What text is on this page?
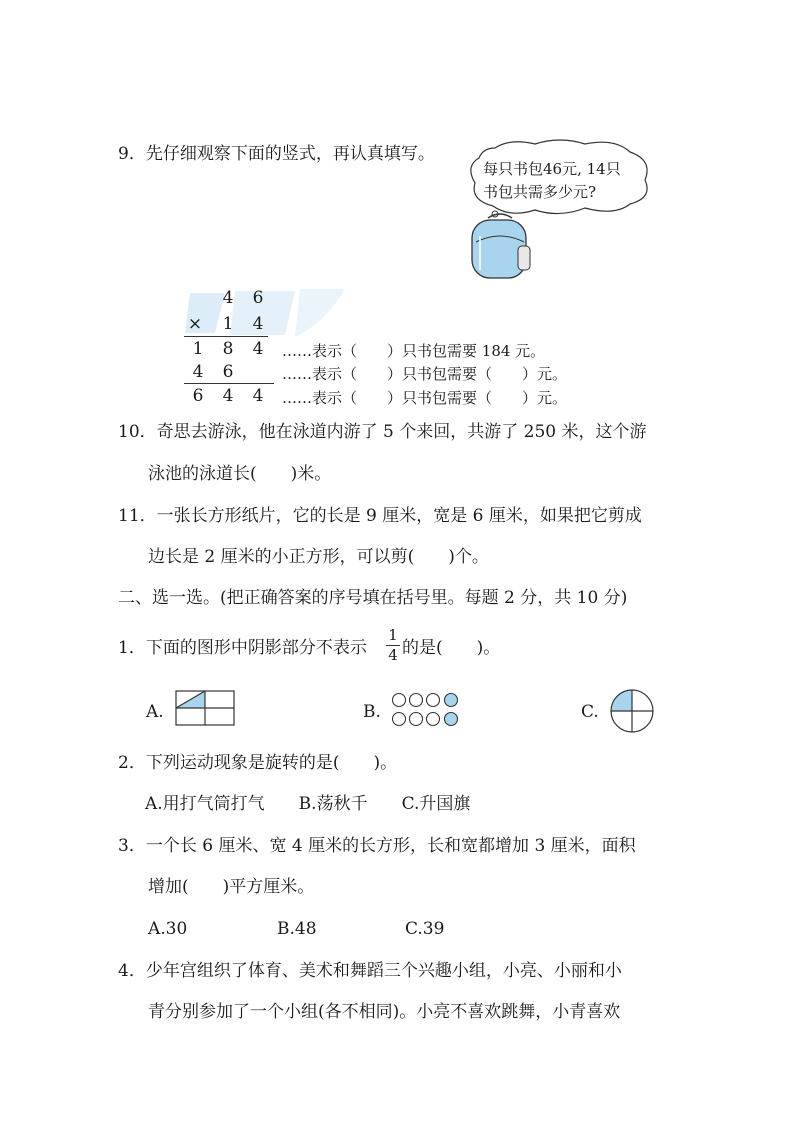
9．先仔细观察下面的竖式，再认真填写。
每只书包46元, 14只
书包共需多少元?
4 6
× 1 4
1 8 4
4 6
6 4 4
……表示（　　）只书包需要 184 元。
……表示（　　）只书包需要（　　）元。
……表示（　　）只书包需要（　　）元。
10．奇思去游泳，他在泳道内游了 5 个来回，共游了 250 米，这个游
泳池的泳道长(　　)米。
11．一张长方形纸片，它的长是 9 厘米，宽是 6 厘米，如果把它剪成
边长是 2 厘米的小正方形，可以剪(　　)个。
二、选一选。(把正确答案的序号填在括号里。每题 2 分，共 10 分)
1．下面的图形中阴影部分不表示
1
4 的是(　　)。
A.	B.	C.
2．下列运动现象是旋转的是(　　)。
A.用打气筒打气　　B.荡秋千　　C.升国旗
3．一个长 6 厘米、宽 4 厘米的长方形，长和宽都增加 3 厘米，面积
增加(　　)平方厘米。
A.30	B.48	C.39
4．少年宫组织了体育、美术和舞蹈三个兴趣小组，小亮、小丽和小
青分别参加了一个小组(各不相同)。小亮不喜欢跳舞，小青喜欢
